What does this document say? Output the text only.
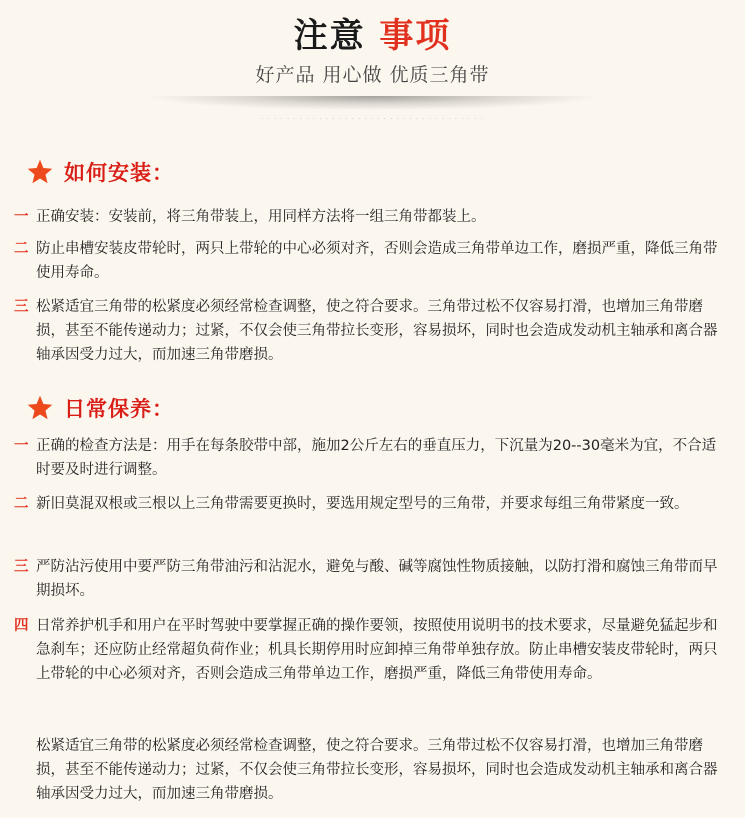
注意 事项
好产品 用心做 优质三角带
· · · · · · · · · · · · · · · · · · · · · · · · · · · · · · · · · · ·
如何安装：
一 正确安装：安装前，将三角带装上，用同样方法将一组三角带都装上。
二 防止串槽安装皮带轮时，两只上带轮的中心必须对齐，否则会造成三角带单边工作，磨损严重，降低三角带使用寿命。
三 松紧适宜三角带的松紧度必须经常检查调整，使之符合要求。三角带过松不仅容易打滑，也增加三角带磨损，甚至不能传递动力；过紧，不仅会使三角带拉长变形，容易损坏，同时也会造成发动机主轴承和离合器轴承因受力过大，而加速三角带磨损。
日常保养：
一 正确的检查方法是：用手在每条胶带中部，施加2公斤左右的垂直压力，下沉量为20--30毫米为宜，不合适时要及时进行调整。
二 新旧莫混双根或三根以上三角带需要更换时，要选用规定型号的三角带，并要求每组三角带紧度一致。
三 严防沾污使用中要严防三角带油污和沾泥水，避免与酸、碱等腐蚀性物质接触，以防打滑和腐蚀三角带而早期损坏。
四 日常养护机手和用户在平时驾驶中要掌握正确的操作要领，按照使用说明书的技术要求，尽量避免猛起步和急刹车；还应防止经常超负荷作业；机具长期停用时应卸掉三角带单独存放。防止串槽安装皮带轮时，两只上带轮的中心必须对齐，否则会造成三角带单边工作，磨损严重，降低三角带使用寿命。
松紧适宜三角带的松紧度必须经常检查调整，使之符合要求。三角带过松不仅容易打滑，也增加三角带磨损，甚至不能传递动力；过紧，不仅会使三角带拉长变形，容易损坏，同时也会造成发动机主轴承和离合器轴承因受力过大，而加速三角带磨损。
